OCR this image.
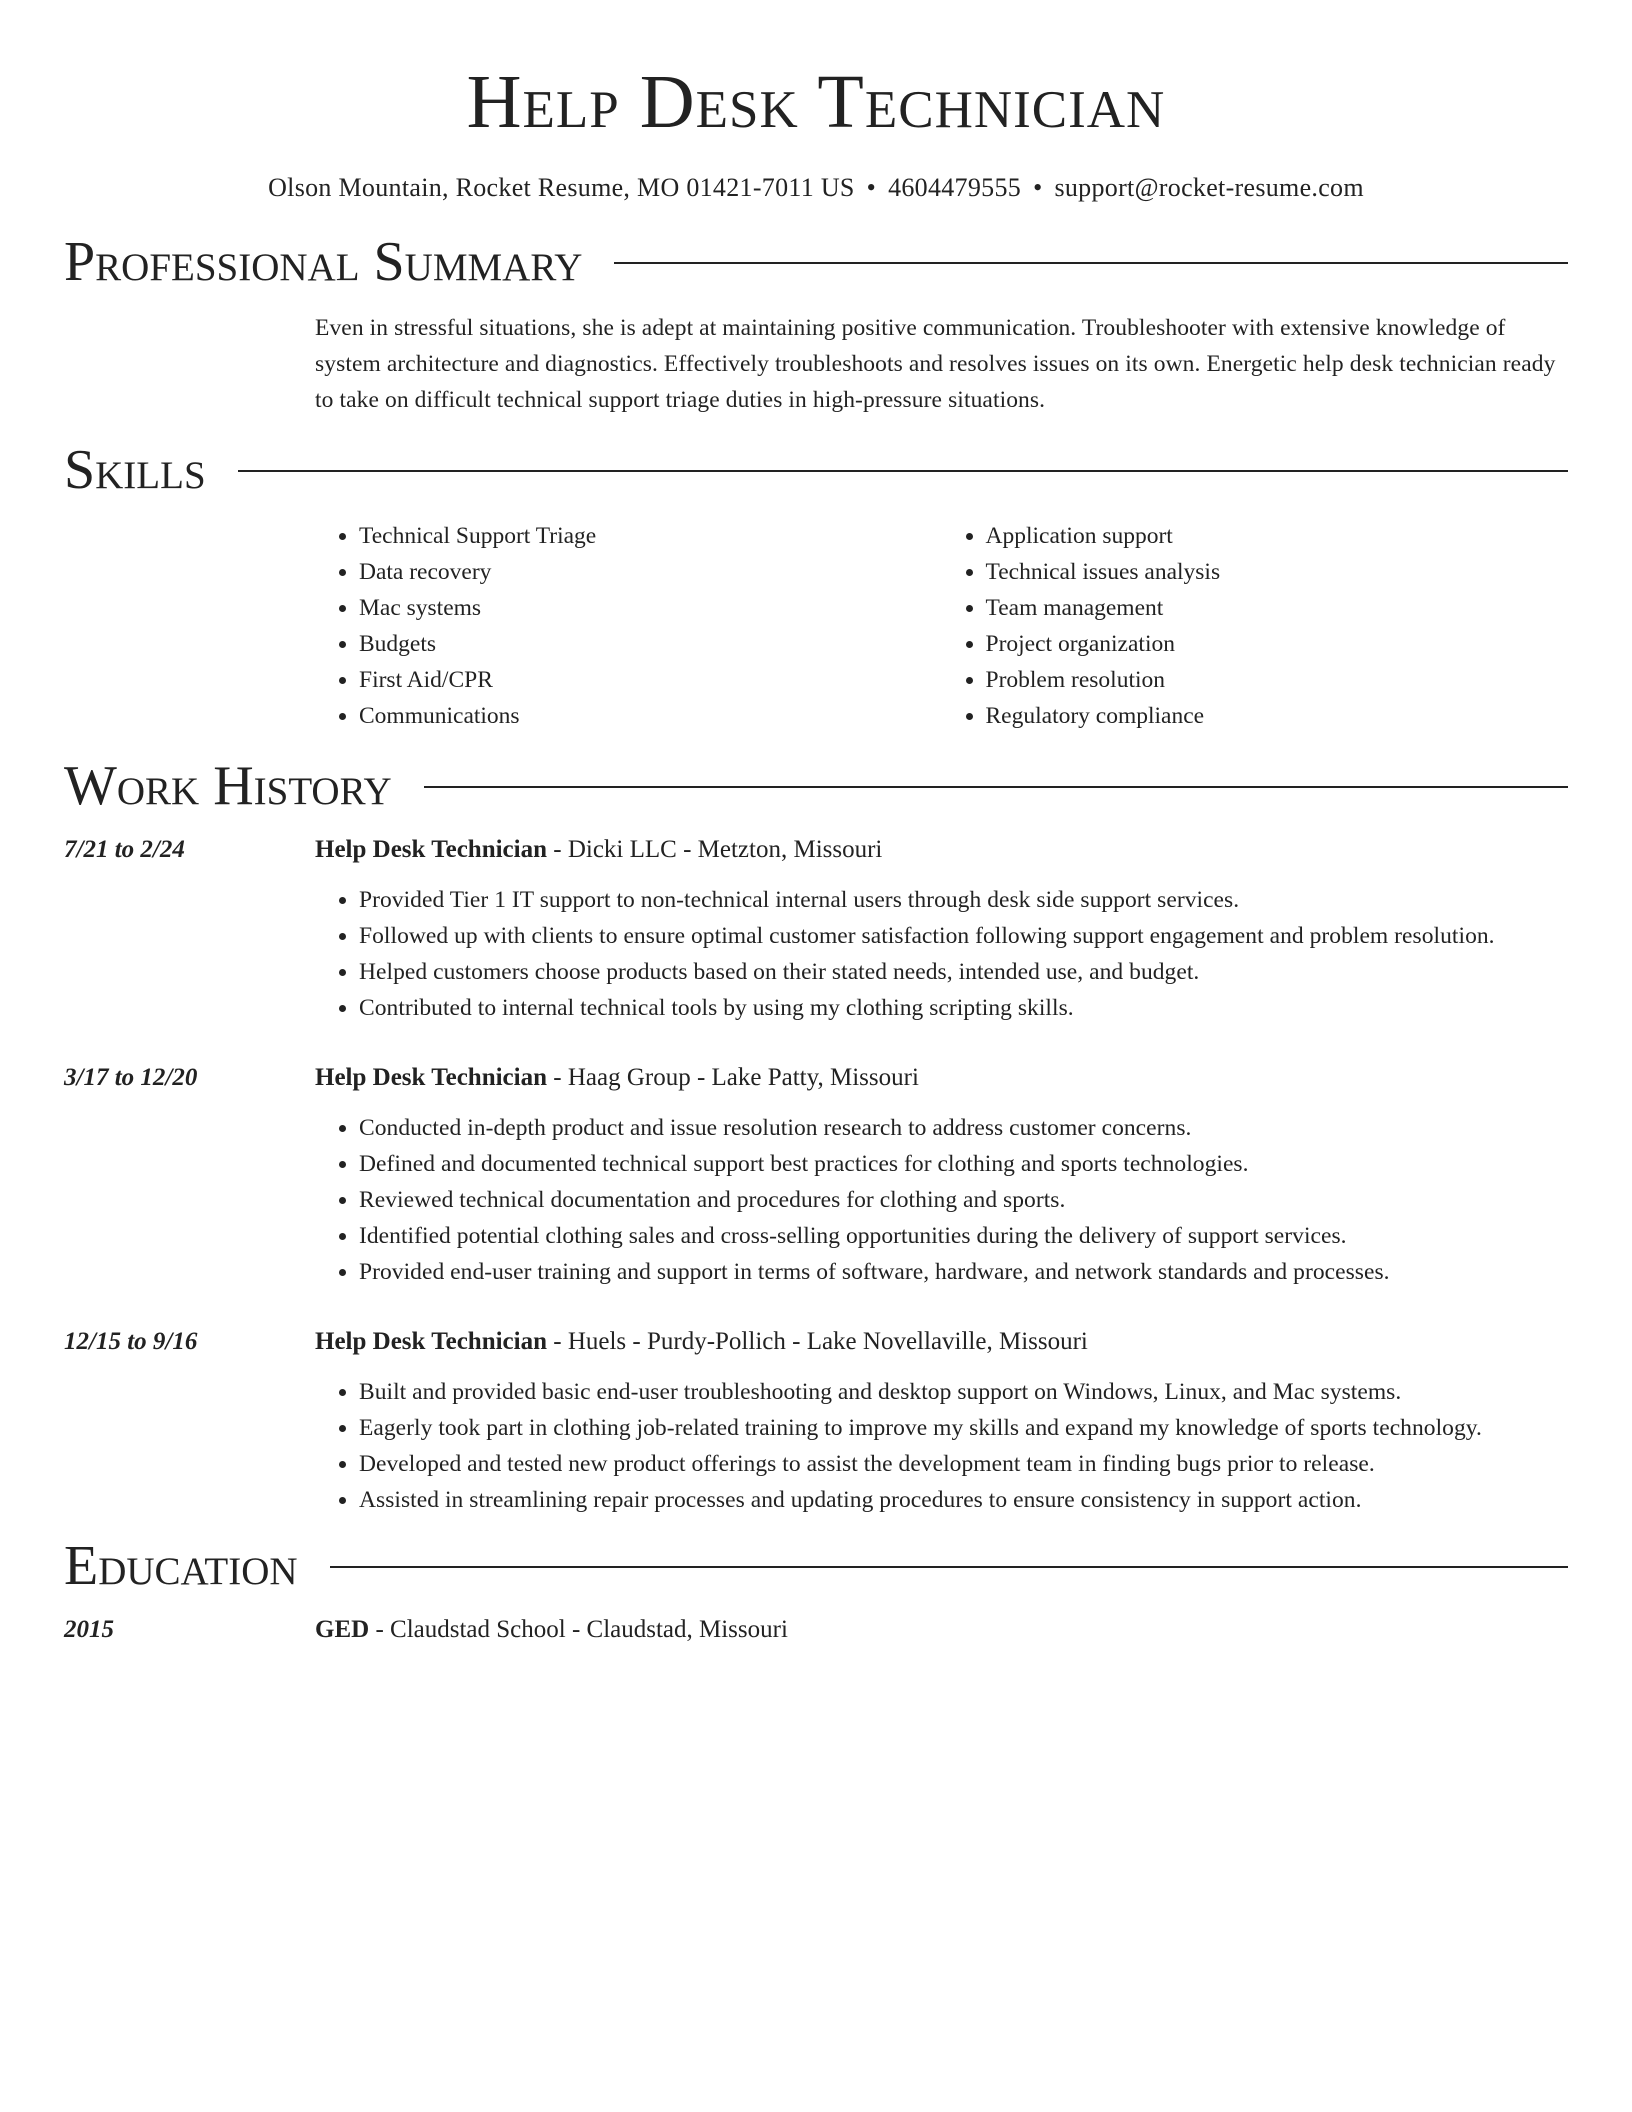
Help Desk Technician
Olson Mountain, Rocket Resume, MO 01421-7011 US • 4604479555 • support@rocket-resume.com
Professional Summary
Even in stressful situations, she is adept at maintaining positive communication. Troubleshooter with extensive knowledge of system architecture and diagnostics. Effectively troubleshoots and resolves issues on its own. Energetic help desk technician ready to take on difficult technical support triage duties in high-pressure situations.
Skills
• Technical Support Triage
• Data recovery
• Mac systems
• Budgets
• First Aid/CPR
• Communications
• Application support
• Technical issues analysis
• Team management
• Project organization
• Problem resolution
• Regulatory compliance
Work History
7/21 to 2/24	Help Desk Technician - Dicki LLC - Metzton, Missouri
• Provided Tier 1 IT support to non-technical internal users through desk side support services.
• Followed up with clients to ensure optimal customer satisfaction following support engagement and problem resolution.
• Helped customers choose products based on their stated needs, intended use, and budget.
• Contributed to internal technical tools by using my clothing scripting skills.
3/17 to 12/20	Help Desk Technician - Haag Group - Lake Patty, Missouri
• Conducted in-depth product and issue resolution research to address customer concerns.
• Defined and documented technical support best practices for clothing and sports technologies.
• Reviewed technical documentation and procedures for clothing and sports.
• Identified potential clothing sales and cross-selling opportunities during the delivery of support services.
• Provided end-user training and support in terms of software, hardware, and network standards and processes.
12/15 to 9/16	Help Desk Technician - Huels - Purdy-Pollich - Lake Novellaville, Missouri
• Built and provided basic end-user troubleshooting and desktop support on Windows, Linux, and Mac systems.
• Eagerly took part in clothing job-related training to improve my skills and expand my knowledge of sports technology.
• Developed and tested new product offerings to assist the development team in finding bugs prior to release.
• Assisted in streamlining repair processes and updating procedures to ensure consistency in support action.
Education
2015	GED - Claudstad School - Claudstad, Missouri
